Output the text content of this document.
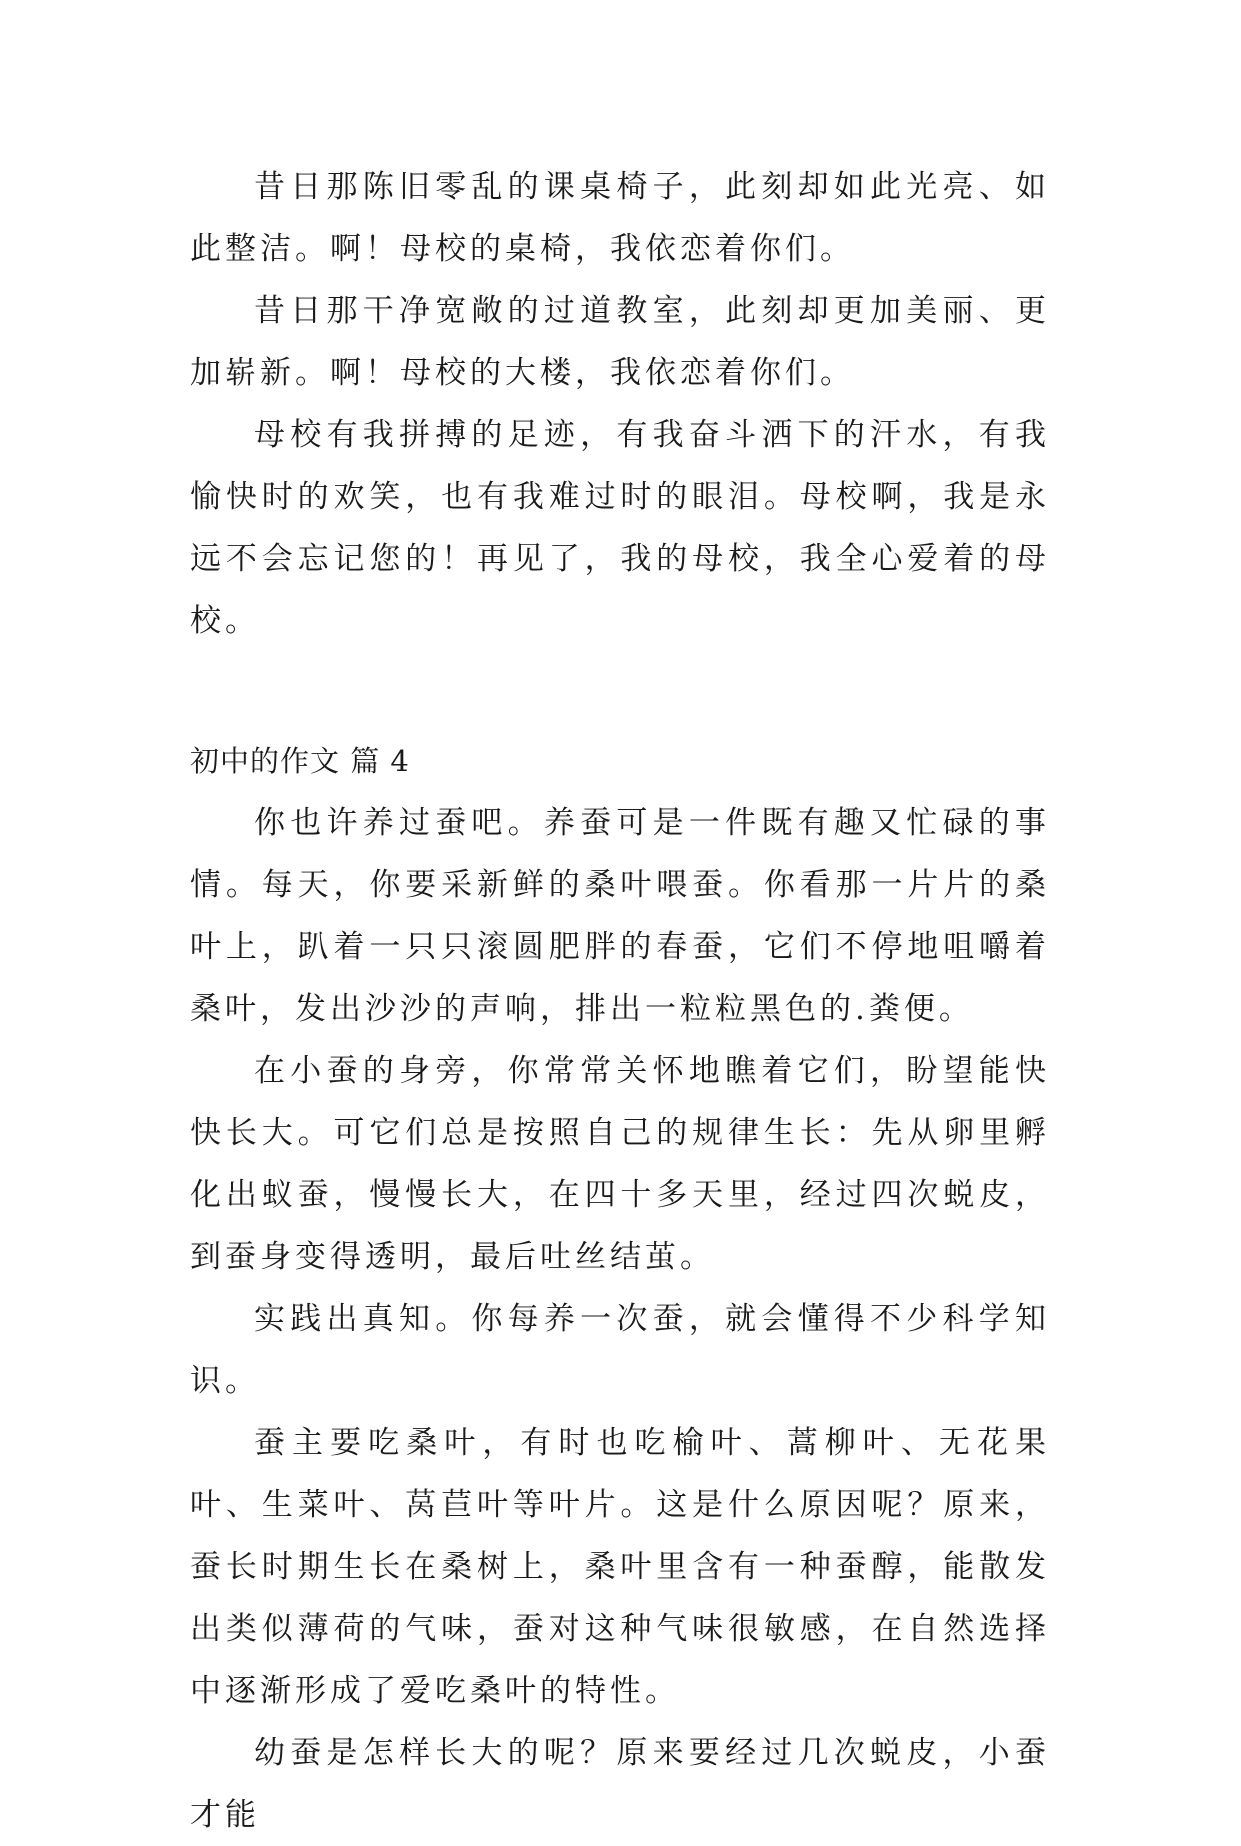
昔日那陈旧零乱的课桌椅子，此刻却如此光亮、如此整洁。啊！母校的桌椅，我依恋着你们。

昔日那干净宽敞的过道教室，此刻却更加美丽、更加崭新。啊！母校的大楼，我依恋着你们。

母校有我拼搏的足迹，有我奋斗洒下的汗水，有我愉快时的欢笑，也有我难过时的眼泪。母校啊，我是永远不会忘记您的！再见了，我的母校，我全心爱着的母校。

初中的作文 篇 4

你也许养过蚕吧。养蚕可是一件既有趣又忙碌的事情。每天，你要采新鲜的桑叶喂蚕。你看那一片片的桑叶上，趴着一只只滚圆肥胖的春蚕，它们不停地咀嚼着桑叶，发出沙沙的声响，排出一粒粒黑色的.粪便。

在小蚕的身旁，你常常关怀地瞧着它们，盼望能快快长大。可它们总是按照自己的规律生长：先从卵里孵化出蚁蚕，慢慢长大，在四十多天里，经过四次蜕皮，到蚕身变得透明，最后吐丝结茧。

实践出真知。你每养一次蚕，就会懂得不少科学知识。

蚕主要吃桑叶，有时也吃榆叶、蒿柳叶、无花果叶、生菜叶、莴苣叶等叶片。这是什么原因呢？原来，蚕长时期生长在桑树上，桑叶里含有一种蚕醇，能散发出类似薄荷的气味，蚕对这种气味很敏感，在自然选择中逐渐形成了爱吃桑叶的特性。

幼蚕是怎样长大的呢？原来要经过几次蜕皮，小蚕才能
